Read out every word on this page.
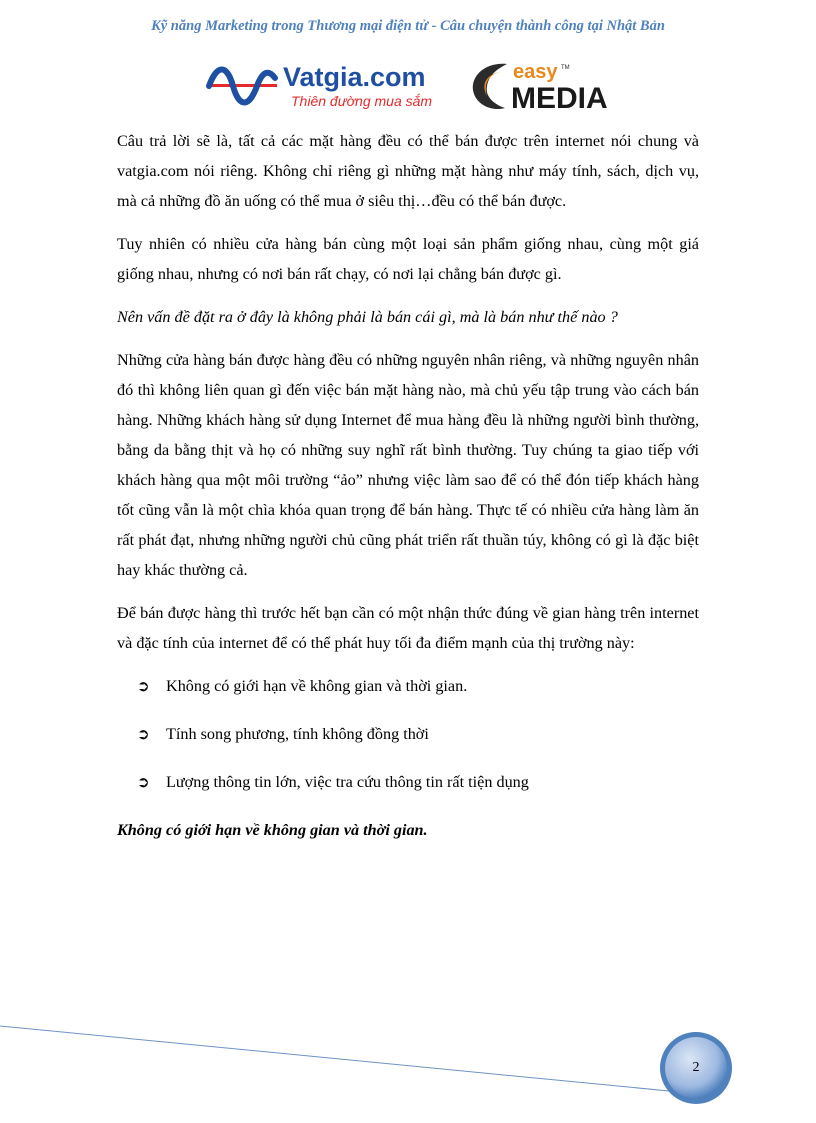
Kỹ năng Marketing trong Thương mại điện tử - Câu chuyện thành công tại Nhật Bản
Vatgia.com
Thiên đường mua sắm
easy TM
MEDIA

Câu trả lời sẽ là, tất cả các mặt hàng đều có thể bán được trên internet nói chung và vatgia.com nói riêng. Không chỉ riêng gì những mặt hàng như máy tính, sách, dịch vụ, mà cả những đồ ăn uống có thể mua ở siêu thị…đều có thể bán được.

Tuy nhiên có nhiều cửa hàng bán cùng một loại sản phẩm giống nhau, cùng một giá giống nhau, nhưng có nơi bán rất chạy, có nơi lại chẳng bán được gì.

Nên vấn đề đặt ra ở đây là không phải là bán cái gì, mà là bán như thế nào ?

Những cửa hàng bán được hàng đều có những nguyên nhân riêng, và những nguyên nhân đó thì không liên quan gì đến việc bán mặt hàng nào, mà chủ yếu tập trung vào cách bán hàng. Những khách hàng sử dụng Internet để mua hàng đều là những người bình thường, bằng da bằng thịt và họ có những suy nghĩ rất bình thường. Tuy chúng ta giao tiếp với khách hàng qua một môi trường “ảo” nhưng việc làm sao để có thể đón tiếp khách hàng tốt cũng vẫn là một chìa khóa quan trọng để bán hàng. Thực tế có nhiều cửa hàng làm ăn rất phát đạt, nhưng những người chủ cũng phát triển rất thuần túy, không có gì là đặc biệt hay khác thường cả.

Để bán được hàng thì trước hết bạn cần có một nhận thức đúng về gian hàng trên internet và đặc tính của internet để có thể phát huy tối đa điểm mạnh của thị trường này:

➲ Không có giới hạn về không gian và thời gian.
➲ Tính song phương, tính không đồng thời
➲ Lượng thông tin lớn, việc tra cứu thông tin rất tiện dụng

Không có giới hạn về không gian và thời gian.

2
